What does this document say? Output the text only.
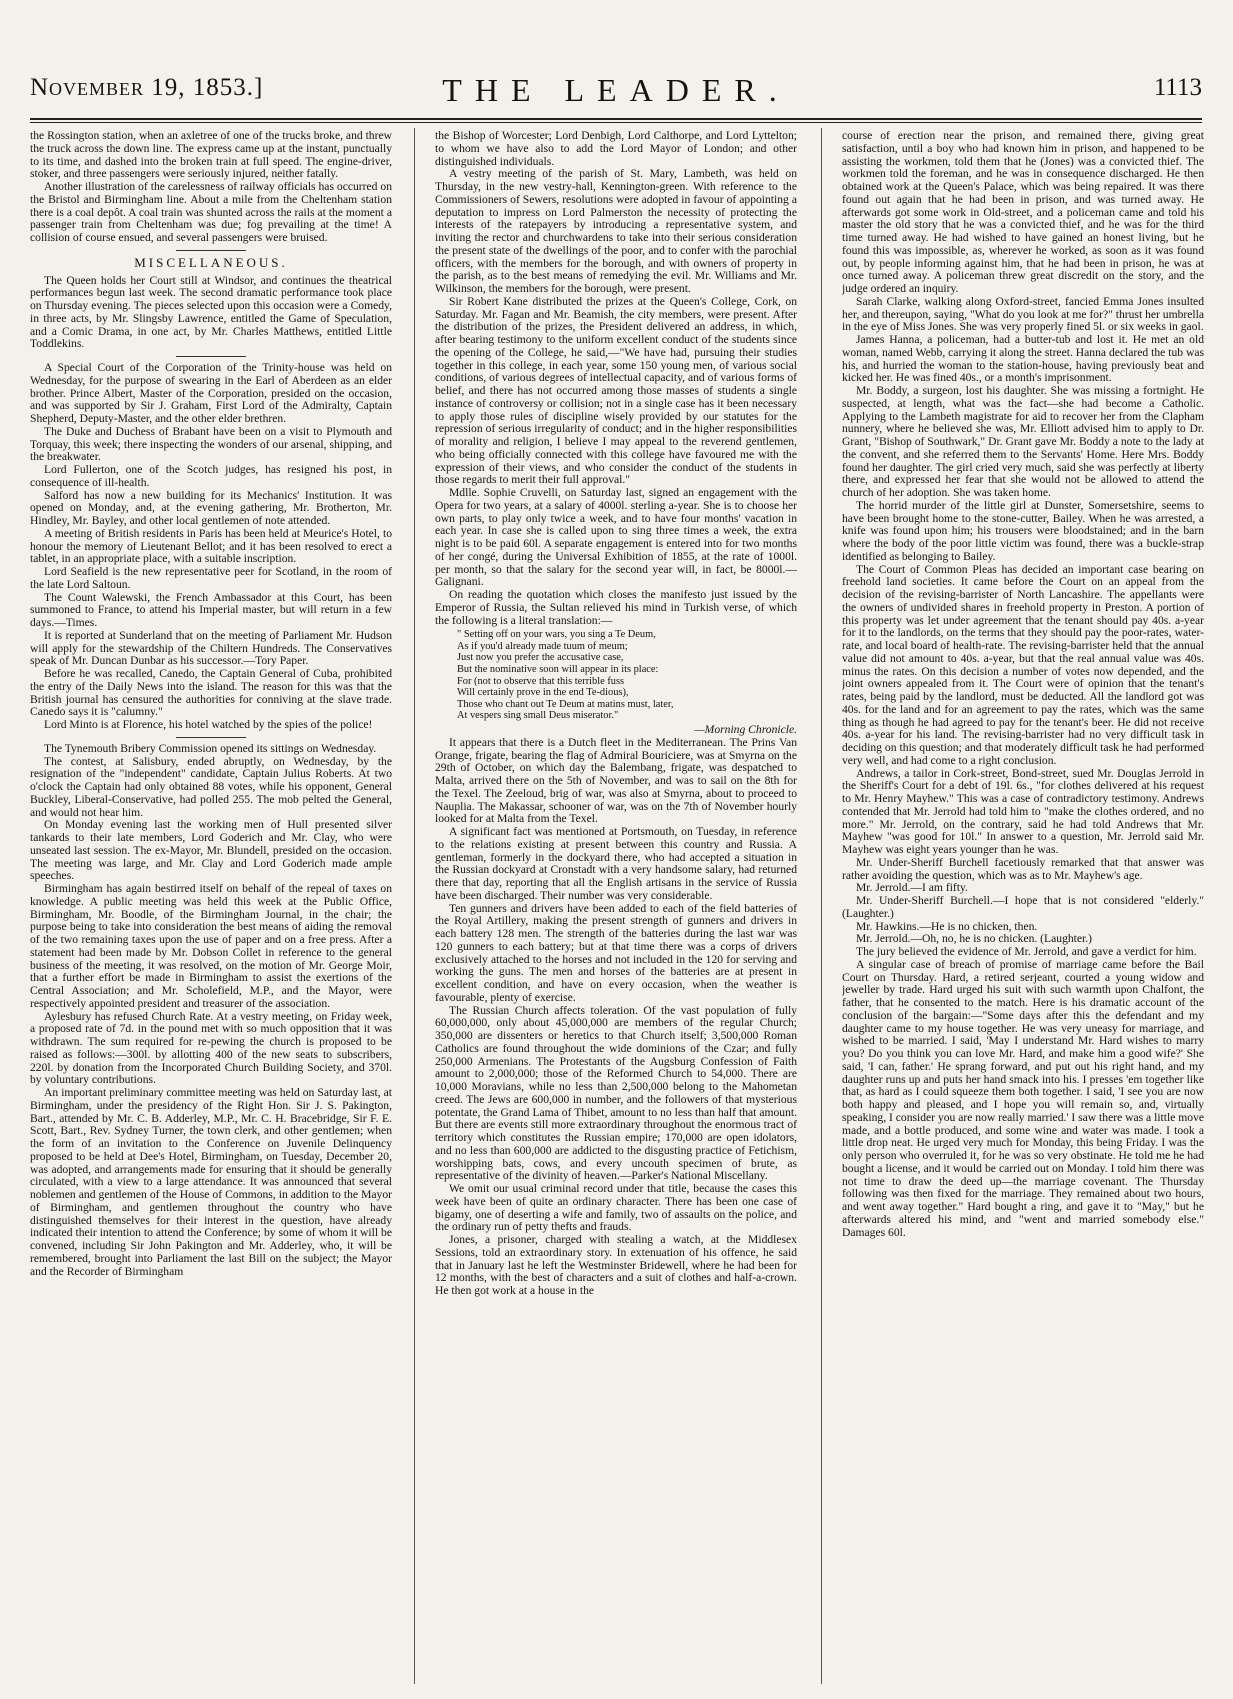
November 19, 1853.]	THE LEADER.	1113

the Rossington station, when an axletree of one of the trucks broke, and threw the truck across the down line. The express came up at the instant, punctually to its time, and dashed into the broken train at full speed. The engine-driver, stoker, and three passengers were seriously injured, neither fatally.

Another illustration of the carelessness of railway officials has occurred on the Bristol and Birmingham line. About a mile from the Cheltenham station there is a coal depôt. A coal train was shunted across the rails at the moment a passenger train from Cheltenham was due; fog prevailing at the time! A collision of course ensued, and several passengers were bruised.

MISCELLANEOUS.

The Queen holds her Court still at Windsor, and continues the theatrical performances begun last week. The second dramatic performance took place on Thursday evening. The pieces selected upon this occasion were a Comedy, in three acts, by Mr. Slingsby Lawrence, entitled the Game of Speculation, and a Comic Drama, in one act, by Mr. Charles Matthews, entitled Little Toddlekins.

A Special Court of the Corporation of the Trinity-house was held on Wednesday, for the purpose of swearing in the Earl of Aberdeen as an elder brother. Prince Albert, Master of the Corporation, presided on the occasion, and was supported by Sir J. Graham, First Lord of the Admiralty, Captain Shepherd, Deputy-Master, and the other elder brethren.

The Duke and Duchess of Brabant have been on a visit to Plymouth and Torquay, this week; there inspecting the wonders of our arsenal, shipping, and the breakwater.

Lord Fullerton, one of the Scotch judges, has resigned his post, in consequence of ill-health.

Salford has now a new building for its Mechanics' Institution. It was opened on Monday, and, at the evening gathering, Mr. Brotherton, Mr. Hindley, Mr. Bayley, and other local gentlemen of note attended.

A meeting of British residents in Paris has been held at Meurice's Hotel, to honour the memory of Lieutenant Bellot; and it has been resolved to erect a tablet, in an appropriate place, with a suitable inscription.

Lord Seafield is the new representative peer for Scotland, in the room of the late Lord Saltoun.

The Count Walewski, the French Ambassador at this Court, has been summoned to France, to attend his Imperial master, but will return in a few days.—Times.

It is reported at Sunderland that on the meeting of Parliament Mr. Hudson will apply for the stewardship of the Chiltern Hundreds. The Conservatives speak of Mr. Duncan Dunbar as his successor.—Tory Paper.

Before he was recalled, Canedo, the Captain General of Cuba, prohibited the entry of the Daily News into the island. The reason for this was that the British journal has censured the authorities for conniving at the slave trade. Canedo says it is "calumny."

Lord Minto is at Florence, his hotel watched by the spies of the police!

The Tynemouth Bribery Commission opened its sittings on Wednesday.

The contest, at Salisbury, ended abruptly, on Wednesday, by the resignation of the "independent" candidate, Captain Julius Roberts. At two o'clock the Captain had only obtained 88 votes, while his opponent, General Buckley, Liberal-Conservative, had polled 255. The mob pelted the General, and would not hear him.

On Monday evening last the working men of Hull presented silver tankards to their late members, Lord Goderich and Mr. Clay, who were unseated last session. The ex-Mayor, Mr. Blundell, presided on the occasion. The meeting was large, and Mr. Clay and Lord Goderich made ample speeches.

Birmingham has again bestirred itself on behalf of the repeal of taxes on knowledge. A public meeting was held this week at the Public Office, Birmingham, Mr. Boodle, of the Birmingham Journal, in the chair; the purpose being to take into consideration the best means of aiding the removal of the two remaining taxes upon the use of paper and on a free press. After a statement had been made by Mr. Dobson Collet in reference to the general business of the meeting, it was resolved, on the motion of Mr. George Moir, that a further effort be made in Birmingham to assist the exertions of the Central Association; and Mr. Scholefield, M.P., and the Mayor, were respectively appointed president and treasurer of the association.

Aylesbury has refused Church Rate. At a vestry meeting, on Friday week, a proposed rate of 7d. in the pound met with so much opposition that it was withdrawn. The sum required for re-pewing the church is proposed to be raised as follows:—300l. by allotting 400 of the new seats to subscribers, 220l. by donation from the Incorporated Church Building Society, and 370l. by voluntary contributions.

An important preliminary committee meeting was held on Saturday last, at Birmingham, under the presidency of the Right Hon. Sir J. S. Pakington, Bart., attended by Mr. C. B. Adderley, M.P., Mr. C. H. Bracebridge, Sir F. E. Scott, Bart., Rev. Sydney Turner, the town clerk, and other gentlemen; when the form of an invitation to the Conference on Juvenile Delinquency proposed to be held at Dee's Hotel, Birmingham, on Tuesday, December 20, was adopted, and arrangements made for ensuring that it should be generally circulated, with a view to a large attendance. It was announced that several noblemen and gentlemen of the House of Commons, in addition to the Mayor of Birmingham, and gentlemen throughout the country who have distinguished themselves for their interest in the question, have already indicated their intention to attend the Conference; by some of whom it will be convened, including Sir John Pakington and Mr. Adderley, who, it will be remembered, brought into Parliament the last Bill on the subject; the Mayor and the Recorder of Birmingham

the Bishop of Worcester; Lord Denbigh, Lord Calthorpe, and Lord Lyttelton; to whom we have also to add the Lord Mayor of London; and other distinguished individuals.

A vestry meeting of the parish of St. Mary, Lambeth, was held on Thursday, in the new vestry-hall, Kennington-green. With reference to the Commissioners of Sewers, resolutions were adopted in favour of appointing a deputation to impress on Lord Palmerston the necessity of protecting the interests of the ratepayers by introducing a representative system, and inviting the rector and churchwardens to take into their serious consideration the present state of the dwellings of the poor, and to confer with the parochial officers, with the members for the borough, and with owners of property in the parish, as to the best means of remedying the evil. Mr. Williams and Mr. Wilkinson, the members for the borough, were present.

Sir Robert Kane distributed the prizes at the Queen's College, Cork, on Saturday. Mr. Fagan and Mr. Beamish, the city members, were present. After the distribution of the prizes, the President delivered an address, in which, after bearing testimony to the uniform excellent conduct of the students since the opening of the College, he said,—"We have had, pursuing their studies together in this college, in each year, some 150 young men, of various social conditions, of various degrees of intellectual capacity, and of various forms of belief, and there has not occurred among those masses of students a single instance of controversy or collision; not in a single case has it been necessary to apply those rules of discipline wisely provided by our statutes for the repression of serious irregularity of conduct; and in the higher responsibilities of morality and religion, I believe I may appeal to the reverend gentlemen, who being officially connected with this college have favoured me with the expression of their views, and who consider the conduct of the students in those regards to merit their full approval."

Mdlle. Sophie Cruvelli, on Saturday last, signed an engagement with the Opera for two years, at a salary of 4000l. sterling a-year. She is to choose her own parts, to play only twice a week, and to have four months' vacation in each year. In case she is called upon to sing three times a week, the extra night is to be paid 60l. A separate engagement is entered into for two months of her congé, during the Universal Exhibition of 1855, at the rate of 1000l. per month, so that the salary for the second year will, in fact, be 8000l.—Galignani.

On reading the quotation which closes the manifesto just issued by the Emperor of Russia, the Sultan relieved his mind in Turkish verse, of which the following is a literal translation:—

" Setting off on your wars, you sing a Te Deum,
As if you'd already made tuum of meum;
Just now you prefer the accusative case,
But the nominative soon will appear in its place:
For (not to observe that this terrible fuss
Will certainly prove in the end Te-dious),
Those who chant out Te Deum at matins must, later,
At vespers sing small Deus miserator."
—Morning Chronicle.

It appears that there is a Dutch fleet in the Mediterranean. The Prins Van Orange, frigate, bearing the flag of Admiral Bouriciere, was at Smyrna on the 29th of October, on which day the Balembang, frigate, was despatched to Malta, arrived there on the 5th of November, and was to sail on the 8th for the Texel. The Zeeloud, brig of war, was also at Smyrna, about to proceed to Nauplia. The Makassar, schooner of war, was on the 7th of November hourly looked for at Malta from the Texel.

A significant fact was mentioned at Portsmouth, on Tuesday, in reference to the relations existing at present between this country and Russia. A gentleman, formerly in the dockyard there, who had accepted a situation in the Russian dockyard at Cronstadt with a very handsome salary, had returned there that day, reporting that all the English artisans in the service of Russia have been discharged. Their number was very considerable.

Ten gunners and drivers have been added to each of the field batteries of the Royal Artillery, making the present strength of gunners and drivers in each battery 128 men. The strength of the batteries during the last war was 120 gunners to each battery; but at that time there was a corps of drivers exclusively attached to the horses and not included in the 120 for serving and working the guns. The men and horses of the batteries are at present in excellent condition, and have on every occasion, when the weather is favourable, plenty of exercise.

The Russian Church affects toleration. Of the vast population of fully 60,000,000, only about 45,000,000 are members of the regular Church; 350,000 are dissenters or heretics to that Church itself; 3,500,000 Roman Catholics are found throughout the wide dominions of the Czar; and fully 250,000 Armenians. The Protestants of the Augsburg Confession of Faith amount to 2,000,000; those of the Reformed Church to 54,000. There are 10,000 Moravians, while no less than 2,500,000 belong to the Mahometan creed. The Jews are 600,000 in number, and the followers of that mysterious potentate, the Grand Lama of Thibet, amount to no less than half that amount. But there are events still more extraordinary throughout the enormous tract of territory which constitutes the Russian empire; 170,000 are open idolators, and no less than 600,000 are addicted to the disgusting practice of Fetichism, worshipping bats, cows, and every uncouth specimen of brute, as representative of the divinity of heaven.—Parker's National Miscellany.

We omit our usual criminal record under that title, because the cases this week have been of quite an ordinary character. There has been one case of bigamy, one of deserting a wife and family, two of assaults on the police, and the ordinary run of petty thefts and frauds.

Jones, a prisoner, charged with stealing a watch, at the Middlesex Sessions, told an extraordinary story. In extenuation of his offence, he said that in January last he left the Westminster Bridewell, where he had been for 12 months, with the best of characters and a suit of clothes and half-a-crown. He then got work at a house in the

course of erection near the prison, and remained there, giving great satisfaction, until a boy who had known him in prison, and happened to be assisting the workmen, told them that he (Jones) was a convicted thief. The workmen told the foreman, and he was in consequence discharged. He then obtained work at the Queen's Palace, which was being repaired. It was there found out again that he had been in prison, and was turned away. He afterwards got some work in Old-street, and a policeman came and told his master the old story that he was a convicted thief, and he was for the third time turned away. He had wished to have gained an honest living, but he found this was impossible, as, wherever he worked, as soon as it was found out, by people informing against him, that he had been in prison, he was at once turned away. A policeman threw great discredit on the story, and the judge ordered an inquiry.

Sarah Clarke, walking along Oxford-street, fancied Emma Jones insulted her, and thereupon, saying, "What do you look at me for?" thrust her umbrella in the eye of Miss Jones. She was very properly fined 5l. or six weeks in gaol.

James Hanna, a policeman, had a butter-tub and lost it. He met an old woman, named Webb, carrying it along the street. Hanna declared the tub was his, and hurried the woman to the station-house, having previously beat and kicked her. He was fined 40s., or a month's imprisonment.

Mr. Boddy, a surgeon, lost his daughter. She was missing a fortnight. He suspected, at length, what was the fact—she had become a Catholic. Applying to the Lambeth magistrate for aid to recover her from the Clapham nunnery, where he believed she was, Mr. Elliott advised him to apply to Dr. Grant, "Bishop of Southwark," Dr. Grant gave Mr. Boddy a note to the lady at the convent, and she referred them to the Servants' Home. Here Mrs. Boddy found her daughter. The girl cried very much, said she was perfectly at liberty there, and expressed her fear that she would not be allowed to attend the church of her adoption. She was taken home.

The horrid murder of the little girl at Dunster, Somersetshire, seems to have been brought home to the stone-cutter, Bailey. When he was arrested, a knife was found upon him; his trousers were bloodstained; and in the barn where the body of the poor little victim was found, there was a buckle-strap identified as belonging to Bailey.

The Court of Common Pleas has decided an important case bearing on freehold land societies. It came before the Court on an appeal from the decision of the revising-barrister of North Lancashire. The appellants were the owners of undivided shares in freehold property in Preston. A portion of this property was let under agreement that the tenant should pay 40s. a-year for it to the landlords, on the terms that they should pay the poor-rates, water-rate, and local board of health-rate. The revising-barrister held that the annual value did not amount to 40s. a-year, but that the real annual value was 40s. minus the rates. On this decision a number of votes now depended, and the joint owners appealed from it. The Court were of opinion that the tenant's rates, being paid by the landlord, must be deducted. All the landlord got was 40s. for the land and for an agreement to pay the rates, which was the same thing as though he had agreed to pay for the tenant's beer. He did not receive 40s. a-year for his land. The revising-barrister had no very difficult task in deciding on this question; and that moderately difficult task he had performed very well, and had come to a right conclusion.

Andrews, a tailor in Cork-street, Bond-street, sued Mr. Douglas Jerrold in the Sheriff's Court for a debt of 19l. 6s., "for clothes delivered at his request to Mr. Henry Mayhew." This was a case of contradictory testimony. Andrews contended that Mr. Jerrold had told him to "make the clothes ordered, and no more." Mr. Jerrold, on the contrary, said he had told Andrews that Mr. Mayhew "was good for 10l." In answer to a question, Mr. Jerrold said Mr. Mayhew was eight years younger than he was.

Mr. Under-Sheriff Burchell facetiously remarked that that answer was rather avoiding the question, which was as to Mr. Mayhew's age.

Mr. Jerrold.—I am fifty.

Mr. Under-Sheriff Burchell.—I hope that is not considered "elderly." (Laughter.)

Mr. Hawkins.—He is no chicken, then.

Mr. Jerrold.—Oh, no, he is no chicken. (Laughter.)

The jury believed the evidence of Mr. Jerrold, and gave a verdict for him.

A singular case of breach of promise of marriage came before the Bail Court on Thursday. Hard, a retired serjeant, courted a young widow and jeweller by trade. Hard urged his suit with such warmth upon Chalfont, the father, that he consented to the match. Here is his dramatic account of the conclusion of the bargain:—"Some days after this the defendant and my daughter came to my house together. He was very uneasy for marriage, and wished to be married. I said, 'May I understand Mr. Hard wishes to marry you? Do you think you can love Mr. Hard, and make him a good wife?' She said, 'I can, father.' He sprang forward, and put out his right hand, and my daughter runs up and puts her hand smack into his. I presses 'em together like that, as hard as I could squeeze them both together. I said, 'I see you are now both happy and pleased, and I hope you will remain so, and, virtually speaking, I consider you are now really married.' I saw there was a little move made, and a bottle produced, and some wine and water was made. I took a little drop neat. He urged very much for Monday, this being Friday. I was the only person who overruled it, for he was so very obstinate. He told me he had bought a license, and it would be carried out on Monday. I told him there was not time to draw the deed up—the marriage covenant. The Thursday following was then fixed for the marriage. They remained about two hours, and went away together." Hard bought a ring, and gave it to "May," but he afterwards altered his mind, and "went and married somebody else." Damages 60l.
